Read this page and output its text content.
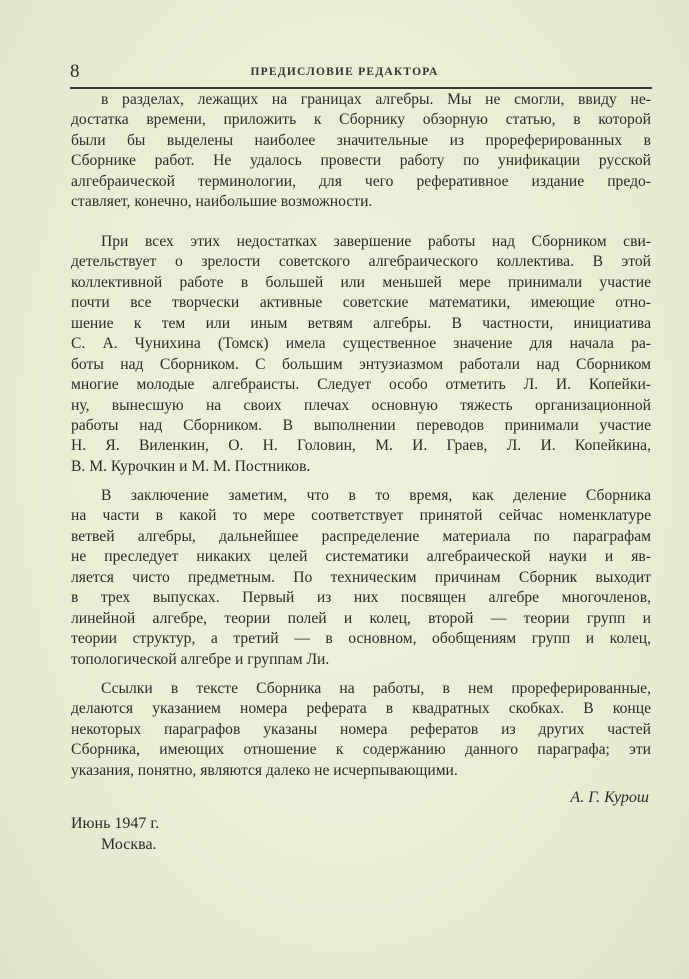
8	ПРЕДИСЛОВИЕ РЕДАКТОРА
в разделах, лежащих на границах алгебры. Мы не смогли, ввиду не-
достатка времени, приложить к Сборнику обзорную статью, в которой
были бы выделены наиболее значительные из прореферированных в
Сборнике работ. Не удалось провести работу по унификации русской
алгебраической терминологии, для чего реферативное издание предо-
ставляет, конечно, наибольшие возможности.
При всех этих недостатках завершение работы над Сборником сви-
детельствует о зрелости советского алгебраического коллектива. В этой
коллективной работе в большей или меньшей мере принимали участие
почти все творчески активные советские математики, имеющие отно-
шение к тем или иным ветвям алгебры. В частности, инициатива
С. А. Чунихина (Томск) имела существенное значение для начала ра-
боты над Сборником. С большим энтузиазмом работали над Сборником
многие молодые алгебраисты. Следует особо отметить Л. И. Копейки-
ну, вынесшую на своих плечах основную тяжесть организационной
работы над Сборником. В выполнении переводов принимали участие
Н. Я. Виленкин, О. Н. Головин, М. И. Граев, Л. И. Копейкина,
В. М. Курочкин и М. М. Постников.
В заключение заметим, что в то время, как деление Сборника
на части в какой то мере соответствует принятой сейчас номенклатуре
ветвей алгебры, дальнейшее распределение материала по параграфам
не преследует никаких целей систематики алгебраической науки и яв-
ляется чисто предметным. По техническим причинам Сборник выходит
в трех выпусках. Первый из них посвящен алгебре многочленов,
линейной алгебре, теории полей и колец, второй — теории групп и
теории структур, а третий — в основном, обобщениям групп и колец,
топологической алгебре и группам Ли.
Ссылки в тексте Сборника на работы, в нем прореферированные,
делаются указанием номера реферата в квадратных скобках. В конце
некоторых параграфов указаны номера рефератов из других частей
Сборника, имеющих отношение к содержанию данного параграфа; эти
указания, понятно, являются далеко не исчерпывающими.
А. Г. Курош
Июнь 1947 г.
Москва.
